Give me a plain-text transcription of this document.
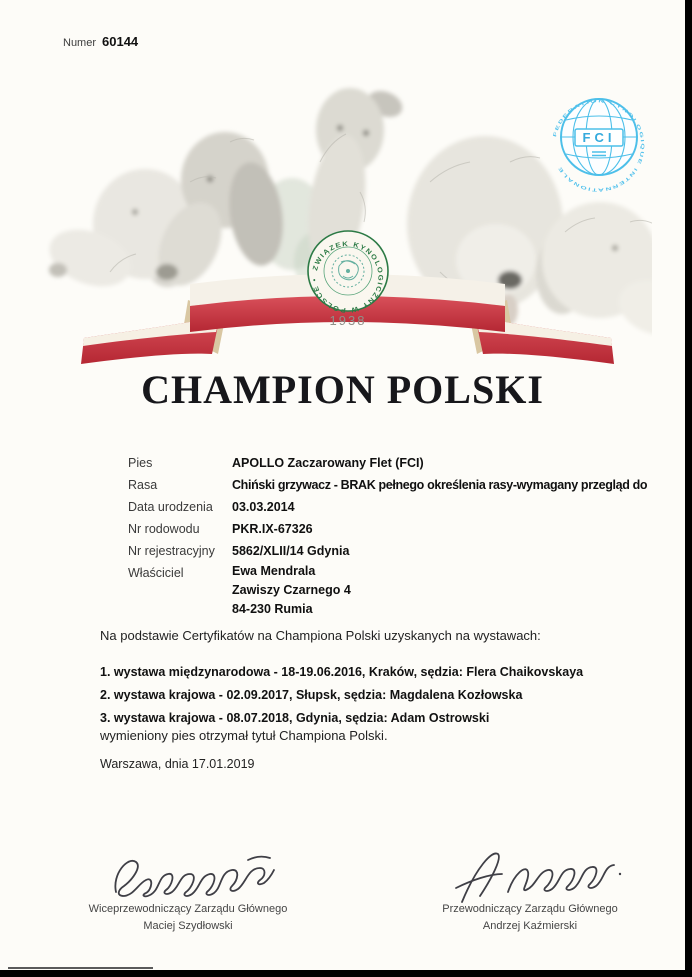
Numer 60144
FEDERATION CYNOLOGIQUE INTERNATIONALE
FCI
ZWIĄZEK KYNOLOGICZNY W POLSCE •
1938
CHAMPION POLSKI
Pies	APOLLO Zaczarowany Flet (FCI)
Rasa	Chiński grzywacz - BRAK pełnego określenia rasy-wymagany przegląd do
Data urodzenia	03.03.2014
Nr rodowodu	PKR.IX-67326
Nr rejestracyjny	5862/XLII/14 Gdynia
Właściciel	Ewa Mendrala
Zawiszy Czarnego 4
84-230 Rumia
Na podstawie Certyfikatów na Championa Polski uzyskanych na wystawach:
1. wystawa międzynarodowa - 18-19.06.2016, Kraków, sędzia: Flera Chaikovskaya
2. wystawa krajowa - 02.09.2017, Słupsk, sędzia: Magdalena Kozłowska
3. wystawa krajowa - 08.07.2018, Gdynia, sędzia: Adam Ostrowski
wymieniony pies otrzymał tytuł Championa Polski.
Warszawa, dnia 17.01.2019
Wiceprzewodniczący Zarządu Głównego
Maciej Szydłowski
Przewodniczący Zarządu Głównego
Andrzej Kaźmierski
